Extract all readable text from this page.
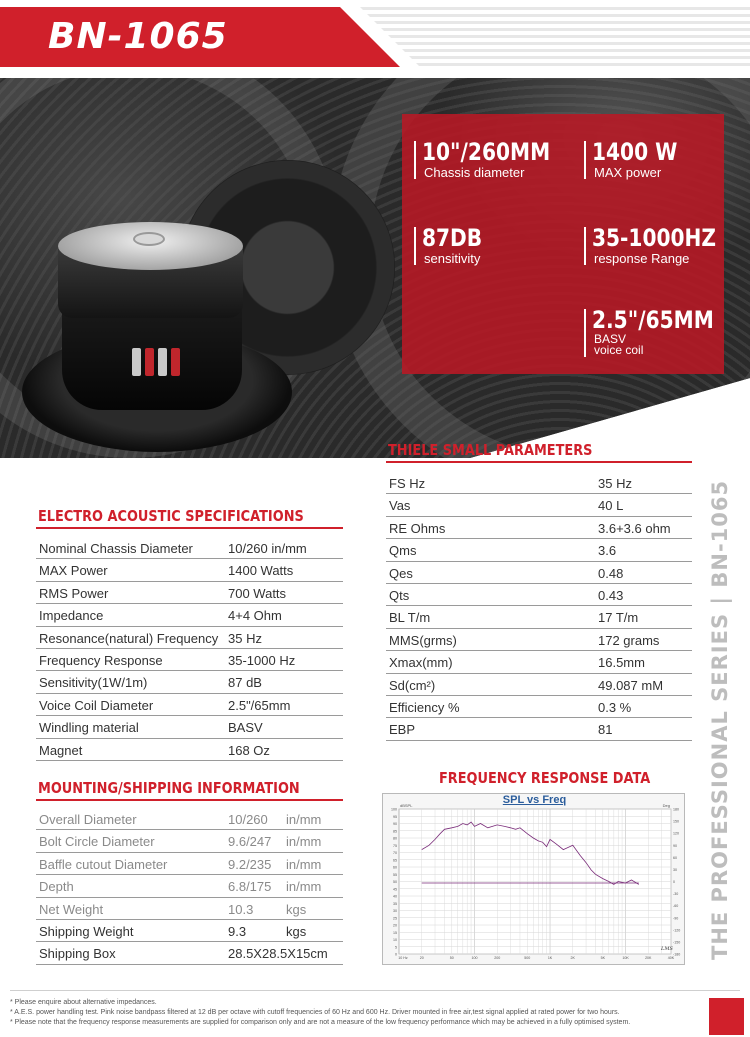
BN-1065
10"/260MM
Chassis diameter
1400 W
MAX power
87DB
sensitivity
35-1000HZ
response Range
2.5"/65MM
BASV
voice coil
THIELE SMALL PARAMETERS
FS Hz	35 Hz
Vas	40 L
RE Ohms	3.6+3.6 ohm
Qms	3.6
Qes	0.48
Qts	0.43
BL T/m	17 T/m
MMS(grms)	172 grams
Xmax(mm)	16.5mm
Sd(cm²)	49.087 mM
Efficiency %	0.3 %
EBP	81
ELECTRO ACOUSTIC SPECIFICATIONS
Nominal Chassis Diameter	10/260 in/mm
MAX Power	1400 Watts
RMS Power	700 Watts
Impedance	4+4 Ohm
Resonance(natural) Frequency 35 Hz
Frequency Response	35-1000 Hz
Sensitivity(1W/1m)	87 dB
Voice Coil Diameter	2.5"/65mm
Windling material	BASV
Magnet	168 Oz
MOUNTING/SHIPPING INFORMATION
Overall Diameter	10/260 in/mm
Bolt Circle Diameter	9.6/247 in/mm
Baffle cutout Diameter	9.2/235 in/mm
Depth	6.8/175 in/mm
Net Weight	10.3	kgs
Shipping Weight	9.3	kgs
Shipping Box	28.5X28.5X15cm
FREQUENCY RESPONSE DATA
SPL vs Freq
0
5
10
15
20
25
30
35
40
45
50
55
60
65
70
75
80
85
90
95
100
-180
-150
-120
-90
-60
-30
0
30
60
90
120
150
180
dBSPL	Deg
10 Hz	20	50	100	200	500	1K	2K	5K	10K	20K	40K
LMS THE PROFESSIONAL SERIES | BN-1065
* Please enquire about alternative impedances.
* A.E.S. power handling test. Pink noise bandpass filtered at 12 dB per octave with cutoff frequencies of 60 Hz and 600 Hz. Driver mounted in free air,test signal applied at rated power for two hours.
* Please note that the frequency response measurements are supplied for comparison only and are not a measure of the low frequency performance which may be achieved in a fully optimised system.
